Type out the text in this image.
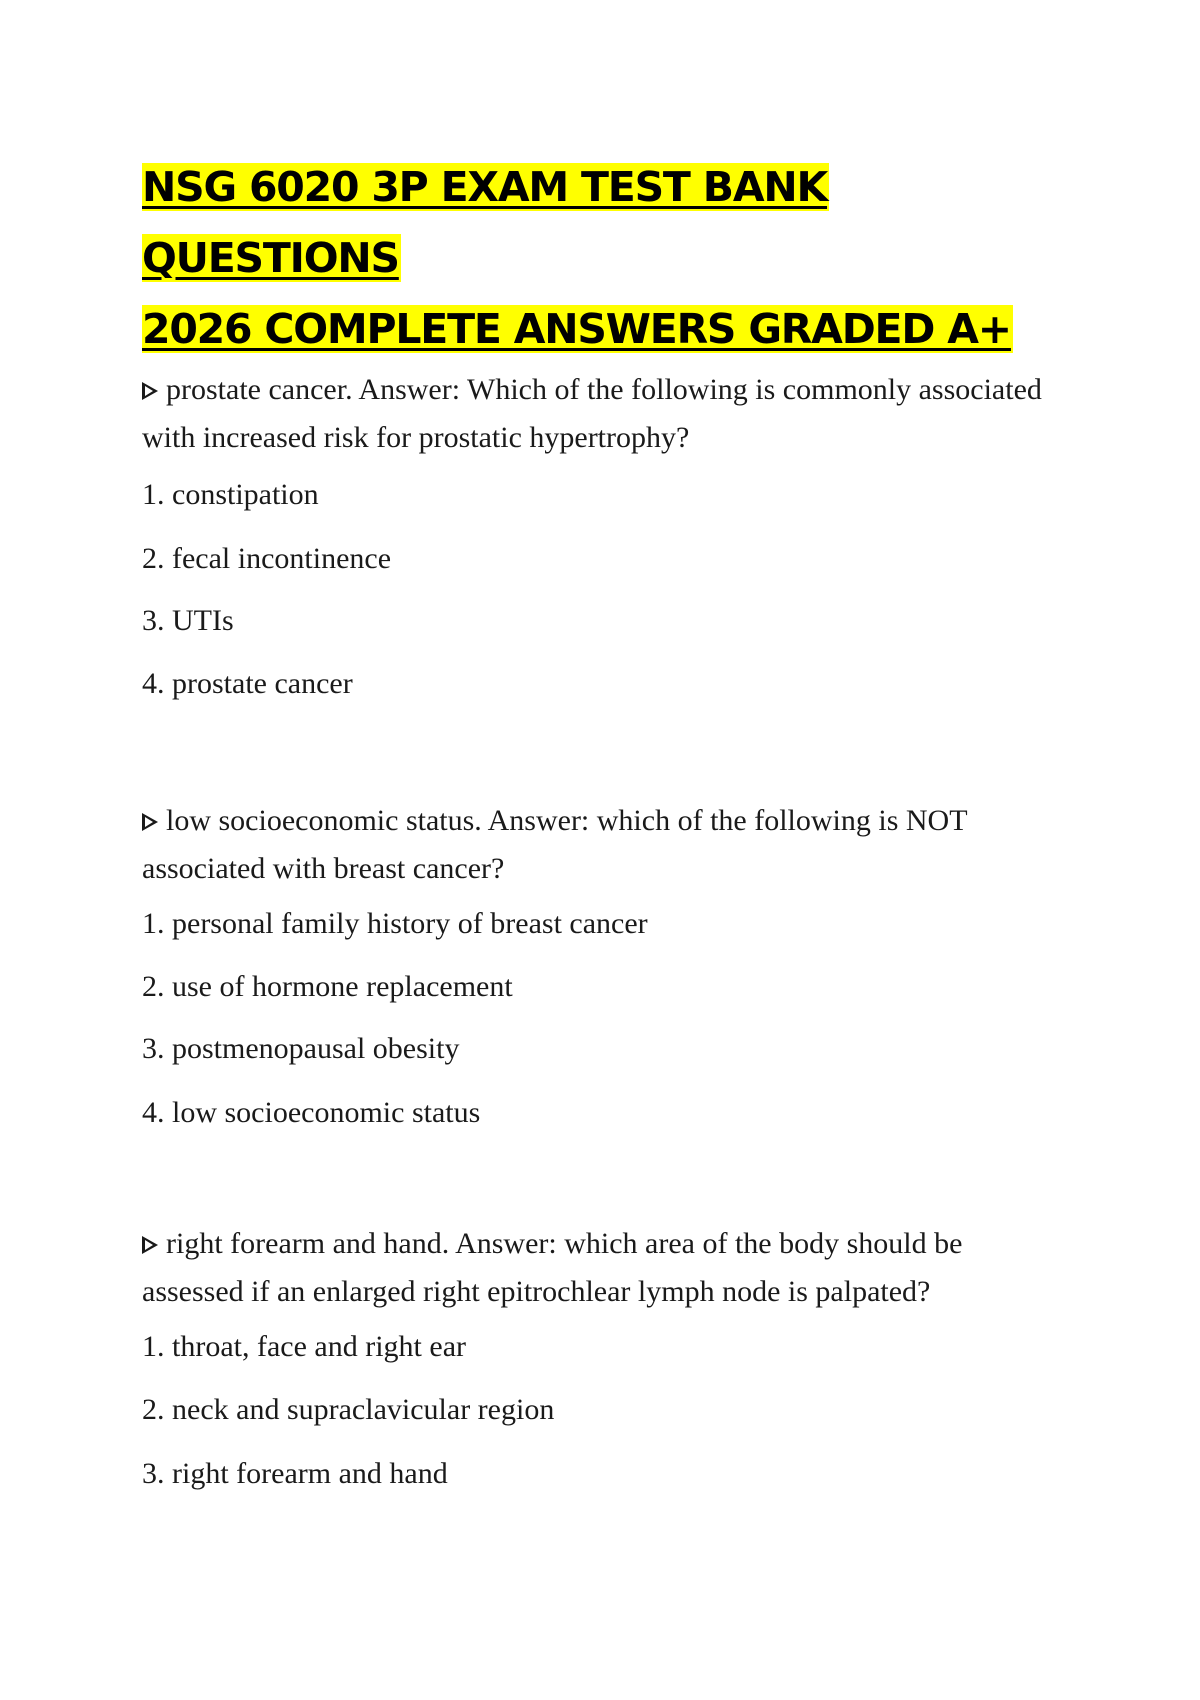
NSG 6020 3P EXAM TEST BANK QUESTIONS
2026 COMPLETE ANSWERS GRADED A+

prostate cancer. Answer: Which of the following is commonly associated with increased risk for prostatic hypertrophy?

1. constipation
2. fecal incontinence
3. UTIs
4. prostate cancer

low socioeconomic status. Answer: which of the following is NOT associated with breast cancer?

1. personal family history of breast cancer
2. use of hormone replacement
3. postmenopausal obesity
4. low socioeconomic status

right forearm and hand. Answer: which area of the body should be assessed if an enlarged right epitrochlear lymph node is palpated?

1. throat, face and right ear
2. neck and supraclavicular region
3. right forearm and hand
